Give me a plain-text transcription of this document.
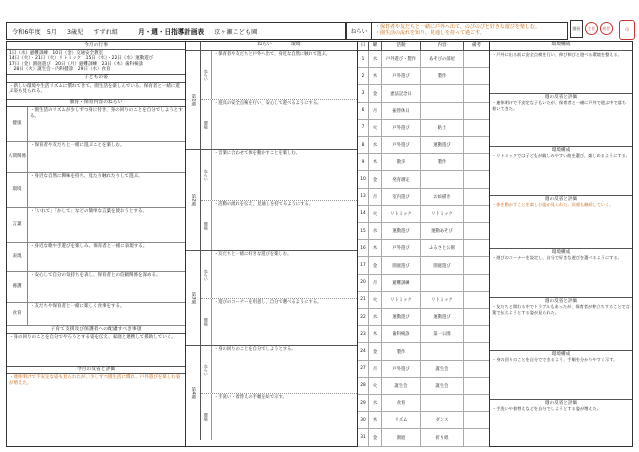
令和6年度　5月	3歳児	すずれ組	月・週・日指導計画表	京ヶ瀬こども園	ねらい
・保育者や友だちと一緒に戸外へ出て、のびのびと好きな遊びを楽しむ。
・園生活の流れを知り、見通しを持って過ごす。
園長	主任	担任	印
今月の行事
1日（水）避難訓練　10日（金）交通安全教室
14日（火）・21日（火）リトミック　15日（水）・22日（水）運動遊び
17日（金）園庭遊び　20日（月）避難訓練　23日（木）歯科検診
　28日（火）誕生会・内科健診　29日（水）食育
子どもの姿
・新しい環境や生活リズムに慣れてきて、園生活を楽しんでいる。保育者と一緒に遊ぶ姿も見られる。
教育・保育内容のねらい
健康
・園生活のリズムが少しずつ身に付き、身の回りのことを自分でしようとする。
人間関係
・保育者や友だちと一緒に遊ぶことを楽しむ。
環境
・身近な自然に興味を持ち、見たり触れたりして遊ぶ。
言葉
・「いれて」「かして」などの簡単な言葉を使おうとする。
表現
・身近な歌や手遊びを楽しみ、保育者と一緒に表現する。
養護
・安心して自分の気持ちを表し、保育者との信頼関係を深める。
食育
・友だちや保育者と一緒に楽しく食事をする。
子育て支援及び保護者への配慮すべき事項
・身の回りのことを自分でやろうとする姿を伝え、家庭と連携して援助していく。
今月の反省と評価
・連休明けで不安定な姿も見られたが、少しずつ園生活に慣れ、戸外遊びを楽しむ姿が増えた。
ねらい　　　　環境
第1週
ねらい
・保育者や友だちと戸外へ出て、身近な自然に触れて遊ぶ。
環境
・遊具の安全点検を行い、安心して遊べるようにする。
第2週
ねらい
・音楽に合わせて体を動かすことを楽しむ。
環境
・活動の流れを伝え、見通しを持てるようにする。
第3週
ねらい
・友だちと一緒に好きな遊びを楽しむ。
環境
・遊びのコーナーを用意し、自分で選べるようにする。
第4週
ねらい
・身の回りのことを自分でしようとする。
環境
・手洗い・着替えの手順を絵で示す。
日	曜	活動	内容	備考
1	水	戸外遊び・製作	あそびの部屋
2	木	戸外遊び	製作
3	金	憲法記念日
6	月	振替休日
7	火	戸外遊び	粘土
8	水	戸外遊び	運動遊び
9	木	散歩	製作
10	金	発育測定
13	月	室内遊び	お絵描き
14	火	リトミック	リトミック
15	水	運動遊び	運動あそび
16	木	戸外遊び	ふるさと公園
17	金	園庭遊び	園庭遊び
20	月	避難訓練
21	火	リトミック	リトミック
22	水	運動遊び	運動遊び
23	木	歯科検診	第一公園
24	金	製作
27	月	戸外遊び	誕生会
28	火	誕生会	誕生会
29	水	食育
30	木	リズム	ダンス
31	金	園庭	折り紙
環境構成
・戸外に出る前に安全点検を行い、伸び伸びと遊べる環境を整える。
週の反省と評価
・連休明けで不安定な子もいたが、保育者と一緒に戸外で遊ぶ中で落ち着いてきた。
環境構成
・リトミックでは子どもが親しみやすい曲を選び、楽しめるようにする。
週の反省と評価
・体を動かすことを楽しむ姿が見られた。次週も継続していく。
環境構成
・遊びのコーナーを設定し、自分で好きな遊びを選べるようにする。
週の反省と評価
・友だちと関わる中でトラブルもあったが、保育者が仲立ちすることで言葉で伝えようとする姿が見られた。
環境構成
・身の回りのことを自分でできるよう、手順を分かりやすく示す。
週の反省と評価
・手洗いや着替えなどを自分でしようとする姿が増えた。
